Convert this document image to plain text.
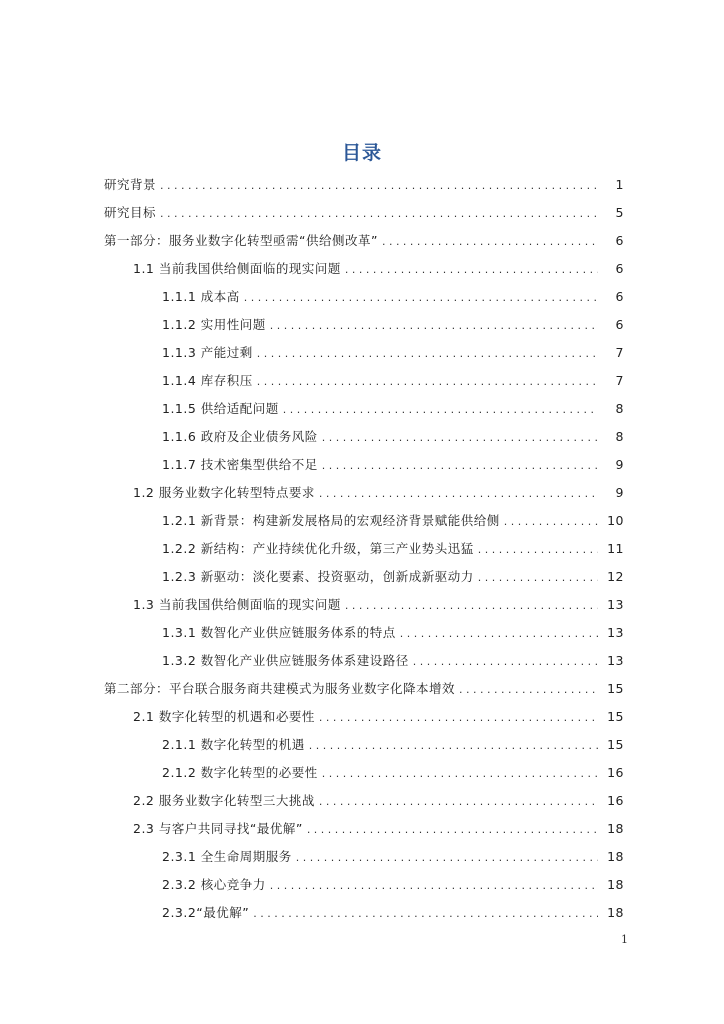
目录
研究背景 . . .	1
研究目标 . . .	5
第一部分：服务业数字化转型亟需“供给侧改革” . . .	6
1.1 当前我国供给侧面临的现实问题 . . .	6
1.1.1 成本高 . . .	6
1.1.2 实用性问题 . . .	6
1.1.3 产能过剩 . . .	7
1.1.4 库存积压 . . .	7
1.1.5 供给适配问题 . . .	8
1.1.6 政府及企业债务风险 . . .	8
1.1.7 技术密集型供给不足 . . .	9
1.2 服务业数字化转型特点要求 . . .	9
1.2.1 新背景：构建新发展格局的宏观经济背景赋能供给侧 . . .	10
1.2.2 新结构：产业持续优化升级，第三产业势头迅猛 . . .	11
1.2.3 新驱动：淡化要素、投资驱动，创新成新驱动力 . . .	12
1.3 当前我国供给侧面临的现实问题 . . .	13
1.3.1 数智化产业供应链服务体系的特点 . . .	13
1.3.2 数智化产业供应链服务体系建设路径 . . .	13
第二部分：平台联合服务商共建模式为服务业数字化降本增效 . . .	15
2.1 数字化转型的机遇和必要性 . . .	15
2.1.1 数字化转型的机遇 . . .	15
2.1.2 数字化转型的必要性 . . .	16
2.2 服务业数字化转型三大挑战 . . .	16
2.3 与客户共同寻找“最优解” . . .	18
2.3.1 全生命周期服务 . . .	18
2.3.2 核心竞争力 . . .	18
2.3.2“最优解” . . .	18
1
